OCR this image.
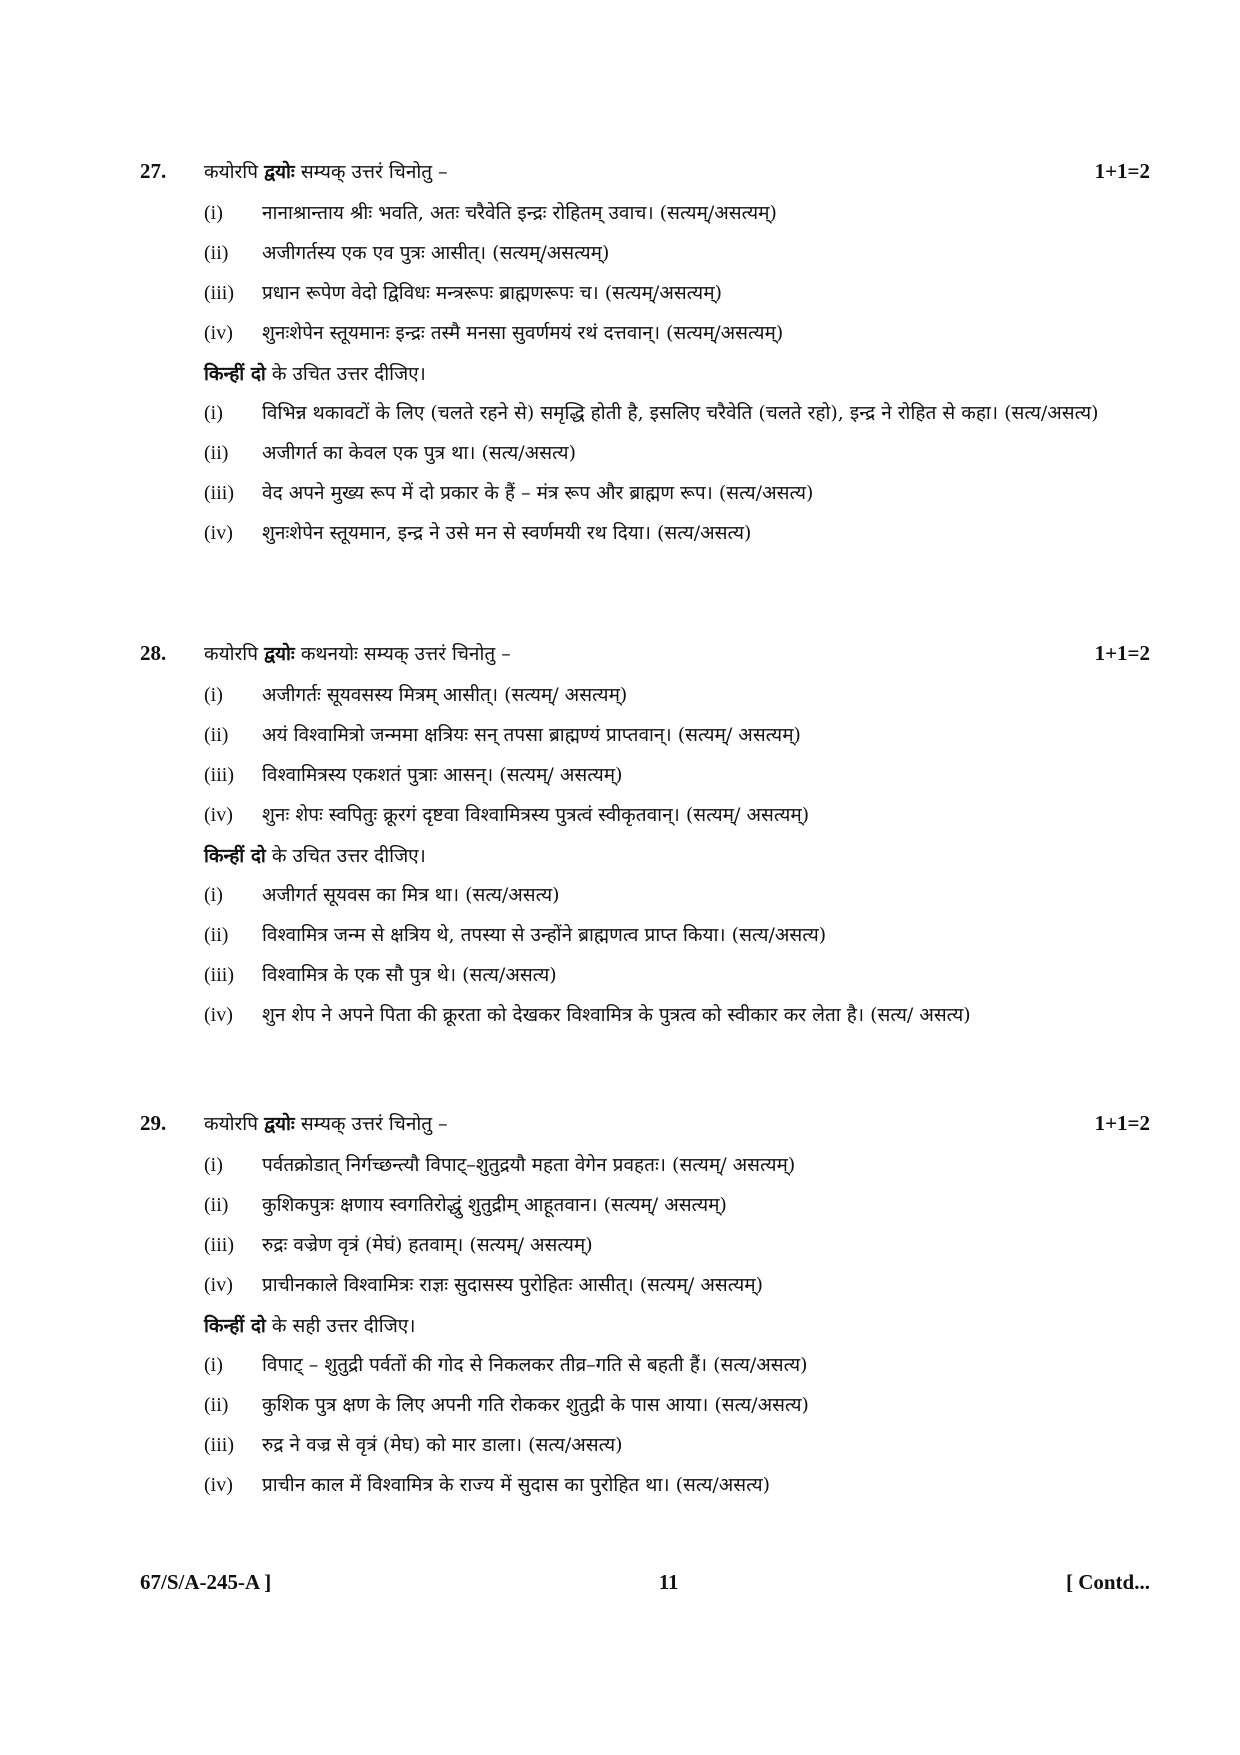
27.	कयोरपि द्वयोः सम्यक् उत्तरं चिनोतु –	1+1=2
(i)	नानाश्रान्ताय श्रीः भवति, अतः चरैवेति इन्द्रः रोहितम् उवाच। (सत्यम्/असत्यम्)
(ii)	अजीगर्तस्य एक एव पुत्रः आसीत्। (सत्यम्/असत्यम्)
(iii)	प्रधान रूपेण वेदो द्विविधः मन्त्ररूपः ब्राह्मणरूपः च। (सत्यम्/असत्यम्)
(iv)	शुनःशेपेन स्तूयमानः इन्द्रः तस्मै मनसा सुवर्णमयं रथं दत्तवान्। (सत्यम्/असत्यम्)
किन्हीं दो के उचित उत्तर दीजिए।
(i)	विभिन्न थकावटों के लिए (चलते रहने से) समृद्धि होती है, इसलिए चरैवेति (चलते रहो), इन्द्र ने रोहित से कहा। (सत्य/असत्य)
(ii)	अजीगर्त का केवल एक पुत्र था। (सत्य/असत्य)
(iii)	वेद अपने मुख्य रूप में दो प्रकार के हैं – मंत्र रूप और ब्राह्मण रूप। (सत्य/असत्य)
(iv)	शुनःशेपेन स्तूयमान, इन्द्र ने उसे मन से स्वर्णमयी रथ दिया। (सत्य/असत्य)
28.	कयोरपि द्वयोः कथनयोः सम्यक् उत्तरं चिनोतु –	1+1=2
(i)	अजीगर्तः सूयवसस्य मित्रम् आसीत्। (सत्यम्/ असत्यम्)
(ii)	अयं विश्वामित्रो जन्ममा क्षत्रियः सन् तपसा ब्राह्मण्यं प्राप्तवान्। (सत्यम्/ असत्यम्)
(iii)	विश्वामित्रस्य एकशतं पुत्राः आसन्। (सत्यम्/ असत्यम्)
(iv)	शुनः शेपः स्वपितुः क्रूरगं दृष्टवा विश्वामित्रस्य पुत्रत्वं स्वीकृतवान्। (सत्यम्/ असत्यम्)
किन्हीं दो के उचित उत्तर दीजिए।
(i)	अजीगर्त सूयवस का मित्र था। (सत्य/असत्य)
(ii)	विश्वामित्र जन्म से क्षत्रिय थे, तपस्या से उन्होंने ब्राह्मणत्व प्राप्त किया। (सत्य/असत्य)
(iii)	विश्वामित्र के एक सौ पुत्र थे। (सत्य/असत्य)
(iv)	शुन शेप ने अपने पिता की क्रूरता को देखकर विश्वामित्र के पुत्रत्व को स्वीकार कर लेता है। (सत्य/ असत्य)
29.	कयोरपि द्वयोः सम्यक् उत्तरं चिनोतु –	1+1=2
(i)	पर्वतक्रोडात् निर्गच्छन्त्यौ विपाट्–शुतुद्रयौ महता वेगेन प्रवहतः। (सत्यम्/ असत्यम्)
(ii)	कुशिकपुत्रः क्षणाय स्वगतिरोद्धुं शुतुद्रीम् आहूतवान। (सत्यम्/ असत्यम्)
(iii)	रुद्रः वज्रेण वृत्रं (मेघं) हतवाम्। (सत्यम्/ असत्यम्)
(iv)	प्राचीनकाले विश्वामित्रः राज्ञः सुदासस्य पुरोहितः आसीत्। (सत्यम्/ असत्यम्)
किन्हीं दो के सही उत्तर दीजिए।
(i)	विपाट् – शुतुद्री पर्वतों की गोद से निकलकर तीव्र–गति से बहती हैं। (सत्य/असत्य)
(ii)	कुशिक पुत्र क्षण के लिए अपनी गति रोककर शुतुद्री के पास आया। (सत्य/असत्य)
(iii)	रुद्र ने वज्र से वृत्रं (मेघ) को मार डाला। (सत्य/असत्य)
(iv)	प्राचीन काल में विश्वामित्र के राज्य में सुदास का पुरोहित था। (सत्य/असत्य)
67/S/A-245-A ]	11	[ Contd...
